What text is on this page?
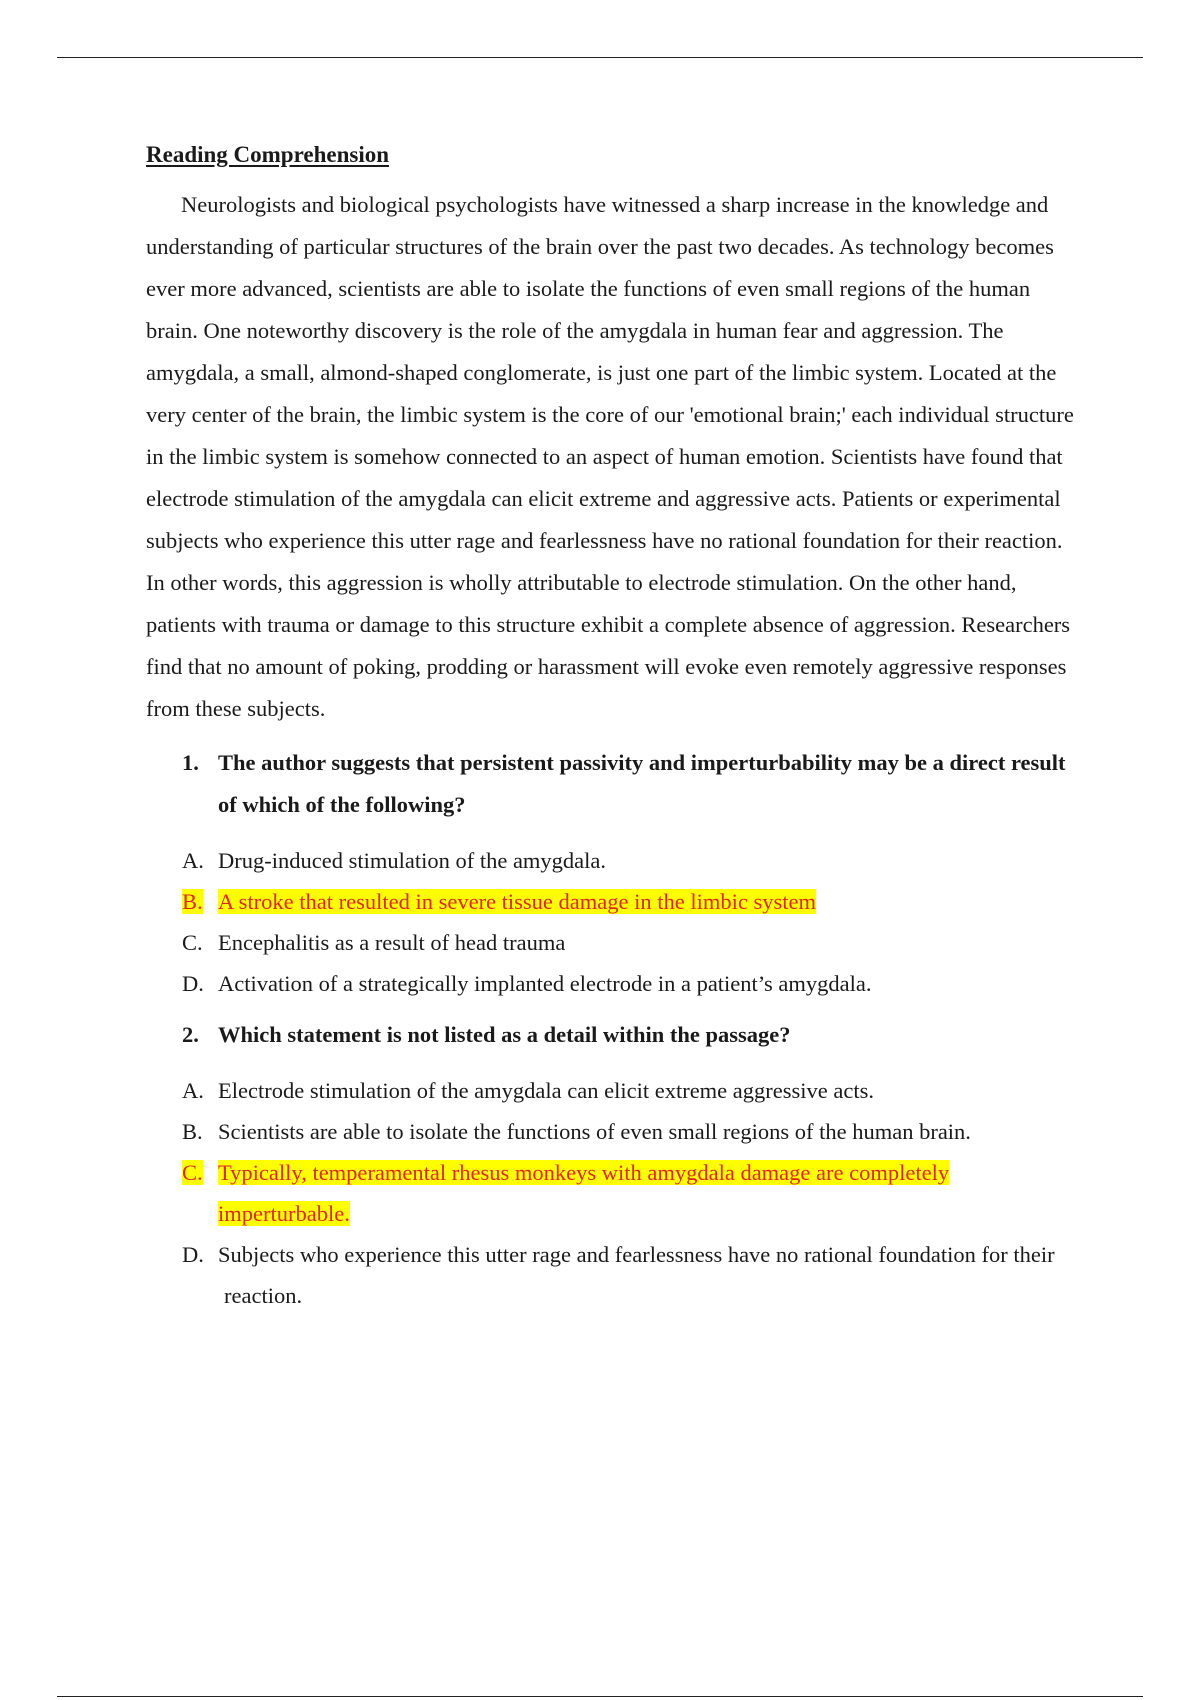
Reading Comprehension

Neurologists and biological psychologists have witnessed a sharp increase in the knowledge and understanding of particular structures of the brain over the past two decades. As technology becomes ever more advanced, scientists are able to isolate the functions of even small regions of the human brain. One noteworthy discovery is the role of the amygdala in human fear and aggression. The amygdala, a small, almond-shaped conglomerate, is just one part of the limbic system. Located at the very center of the brain, the limbic system is the core of our 'emotional brain;' each individual structure in the limbic system is somehow connected to an aspect of human emotion. Scientists have found that electrode stimulation of the amygdala can elicit extreme and aggressive acts. Patients or experimental subjects who experience this utter rage and fearlessness have no rational foundation for their reaction. In other words, this aggression is wholly attributable to electrode stimulation. On the other hand, patients with trauma or damage to this structure exhibit a complete absence of aggression. Researchers find that no amount of poking, prodding or harassment will evoke even remotely aggressive responses from these subjects.

1. The author suggests that persistent passivity and imperturbability may be a direct result of which of the following?
A. Drug-induced stimulation of the amygdala.
B. A stroke that resulted in severe tissue damage in the limbic system
C. Encephalitis as a result of head trauma
D. Activation of a strategically implanted electrode in a patient’s amygdala.
2. Which statement is not listed as a detail within the passage?
A. Electrode stimulation of the amygdala can elicit extreme aggressive acts.
B. Scientists are able to isolate the functions of even small regions of the human brain.
C. Typically, temperamental rhesus monkeys with amygdala damage are completely imperturbable.
D. Subjects who experience this utter rage and fearlessness have no rational foundation for their
reaction.
